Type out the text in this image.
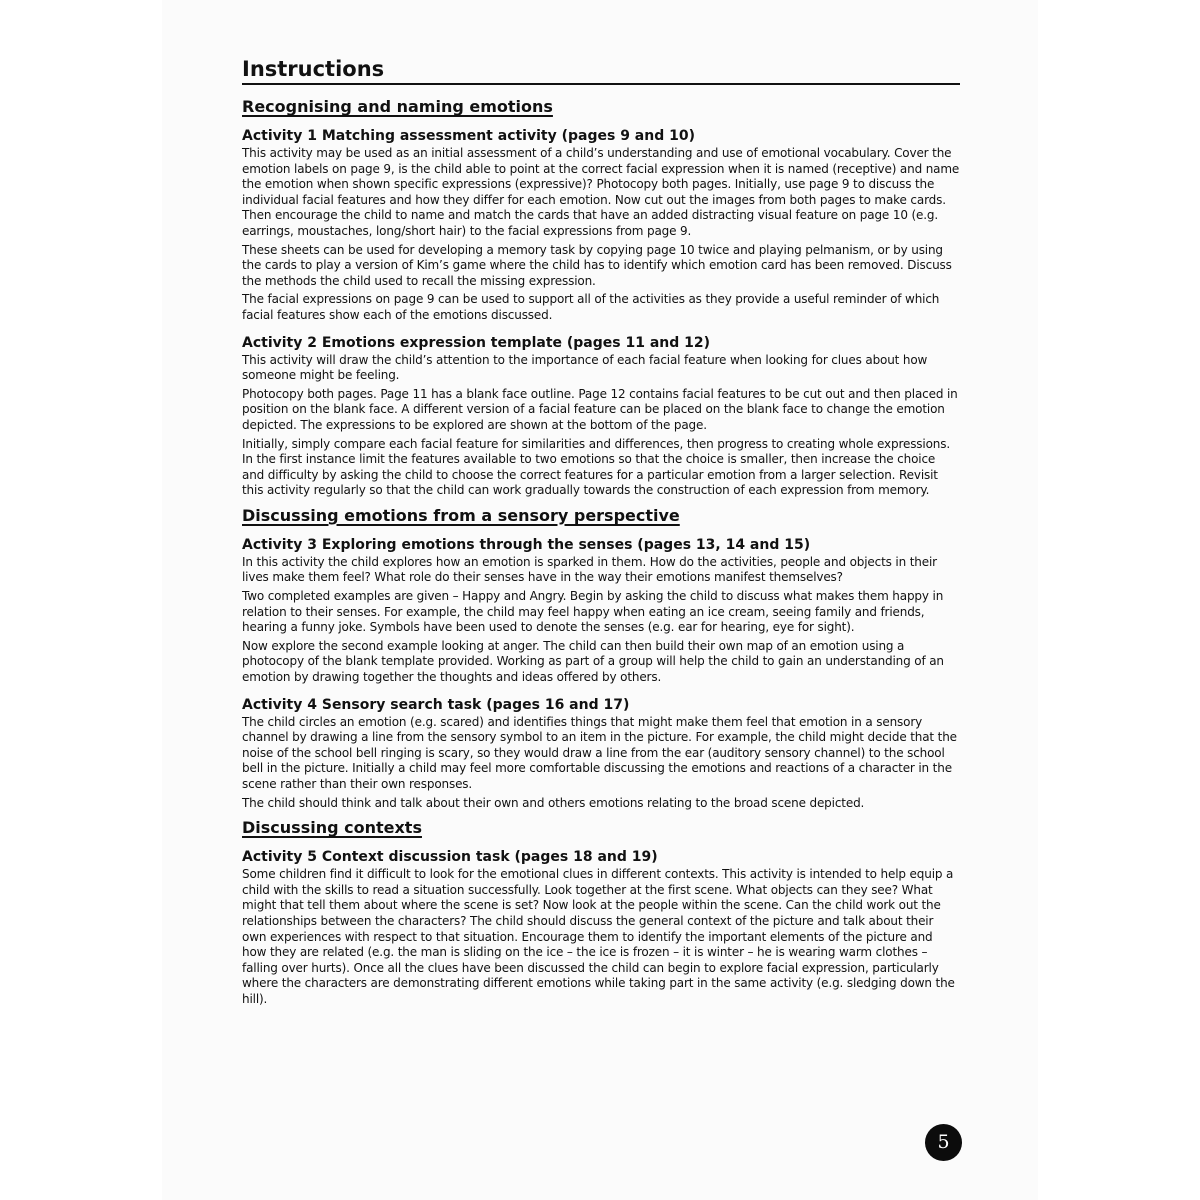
Instructions
Recognising and naming emotions
Activity 1 Matching assessment activity (pages 9 and 10)

This activity may be used as an initial assessment of a child’s understanding and use of emotional vocabulary. Cover the emotion labels on page 9, is the child able to point at the correct facial expression when it is named (receptive) and name the emotion when shown specific expressions (expressive)? Photocopy both pages. Initially, use page 9 to discuss the individual facial features and how they differ for each emotion. Now cut out the images from both pages to make cards. Then encourage the child to name and match the cards that have an added distracting visual feature on page 10 (e.g. earrings, moustaches, long/short hair) to the facial expressions from page 9.

These sheets can be used for developing a memory task by copying page 10 twice and playing pelmanism, or by using the cards to play a version of Kim’s game where the child has to identify which emotion card has been removed. Discuss the methods the child used to recall the missing expression.

The facial expressions on page 9 can be used to support all of the activities as they provide a useful reminder of which facial features show each of the emotions discussed.

Activity 2 Emotions expression template (pages 11 and 12)

This activity will draw the child’s attention to the importance of each facial feature when looking for clues about how someone might be feeling.

Photocopy both pages. Page 11 has a blank face outline. Page 12 contains facial features to be cut out and then placed in position on the blank face. A different version of a facial feature can be placed on the blank face to change the emotion depicted. The expressions to be explored are shown at the bottom of the page.

Initially, simply compare each facial feature for similarities and differences, then progress to creating whole expressions. In the first instance limit the features available to two emotions so that the choice is smaller, then increase the choice and difficulty by asking the child to choose the correct features for a particular emotion from a larger selection. Revisit this activity regularly so that the child can work gradually towards the construction of each expression from memory.

Discussing emotions from a sensory perspective
Activity 3 Exploring emotions through the senses (pages 13, 14 and 15)

In this activity the child explores how an emotion is sparked in them. How do the activities, people and objects in their lives make them feel? What role do their senses have in the way their emotions manifest themselves?

Two completed examples are given – Happy and Angry. Begin by asking the child to discuss what makes them happy in relation to their senses. For example, the child may feel happy when eating an ice cream, seeing family and friends, hearing a funny joke. Symbols have been used to denote the senses (e.g. ear for hearing, eye for sight).

Now explore the second example looking at anger. The child can then build their own map of an emotion using a photocopy of the blank template provided. Working as part of a group will help the child to gain an understanding of an emotion by drawing together the thoughts and ideas offered by others.

Activity 4 Sensory search task (pages 16 and 17)

The child circles an emotion (e.g. scared) and identifies things that might make them feel that emotion in a sensory channel by drawing a line from the sensory symbol to an item in the picture. For example, the child might decide that the noise of the school bell ringing is scary, so they would draw a line from the ear (auditory sensory channel) to the school bell in the picture. Initially a child may feel more comfortable discussing the emotions and reactions of a character in the scene rather than their own responses.

The child should think and talk about their own and others emotions relating to the broad scene depicted.

Discussing contexts
Activity 5 Context discussion task (pages 18 and 19)

Some children find it difficult to look for the emotional clues in different contexts. This activity is intended to help equip a child with the skills to read a situation successfully. Look together at the first scene. What objects can they see? What might that tell them about where the scene is set? Now look at the people within the scene. Can the child work out the relationships between the characters? The child should discuss the general context of the picture and talk about their own experiences with respect to that situation. Encourage them to identify the important elements of the picture and how they are related (e.g. the man is sliding on the ice – the ice is frozen – it is winter – he is wearing warm clothes – falling over hurts). Once all the clues have been discussed the child can begin to explore facial expression, particularly where the characters are demonstrating different emotions while taking part in the same activity (e.g. sledging down the hill).

5
